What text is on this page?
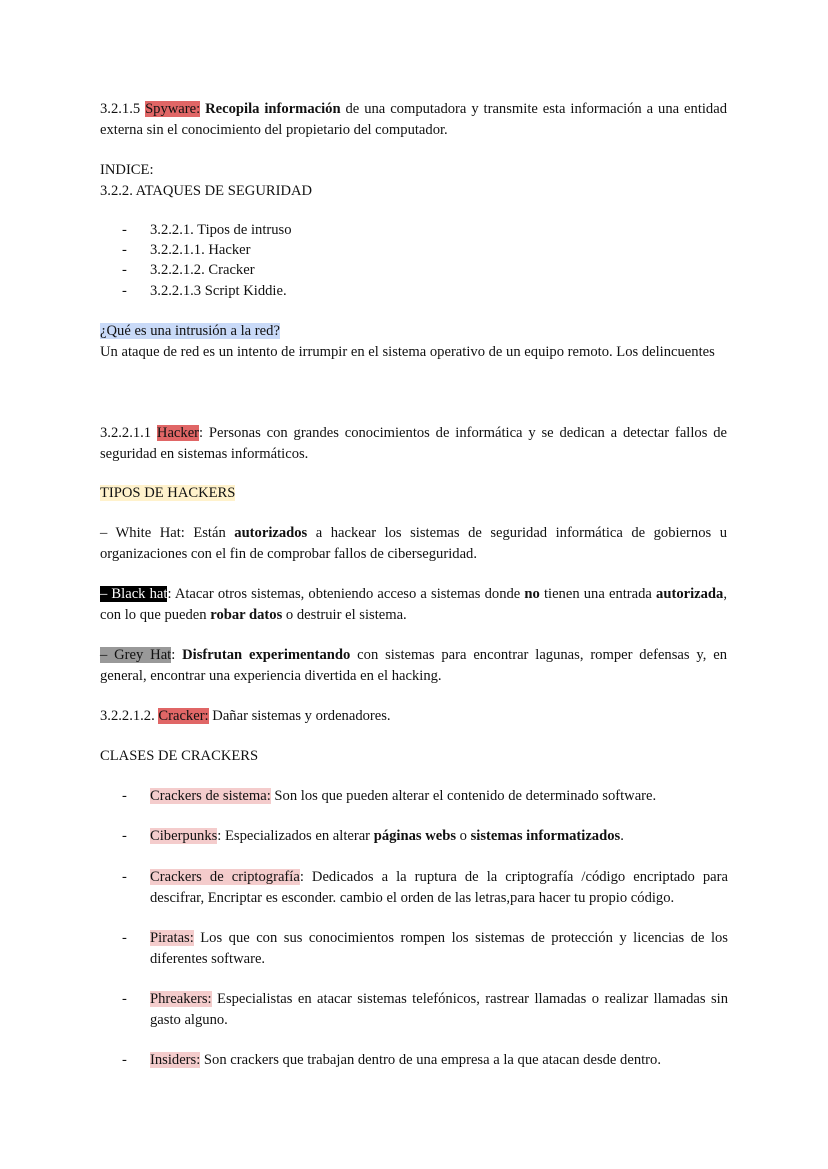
3.2.1.5 Spyware: Recopila información de una computadora y transmite esta información a una entidad externa sin el conocimiento del propietario del computador.

INDICE:

3.2.2. ATAQUES DE SEGURIDAD

- 3.2.2.1. Tipos de intruso
- 3.2.2.1.1. Hacker
- 3.2.2.1.2. Cracker
- 3.2.2.1.3 Script Kiddie.

¿Qué es una intrusión a la red?

Un ataque de red es un intento de irrumpir en el sistema operativo de un equipo remoto. Los delincuentes

3.2.2.1.1 Hacker: Personas con grandes conocimientos de informática y se dedican a detectar fallos de seguridad en sistemas informáticos.
TIPOS DE HACKERS
– White Hat: Están autorizados a hackear los sistemas de seguridad informática de gobiernos u organizaciones con el fin de comprobar fallos de ciberseguridad.
– Black hat: Atacar otros sistemas, obteniendo acceso a sistemas donde no tienen una entrada autorizada, con lo que pueden robar datos o destruir el sistema.
– Grey Hat: Disfrutan experimentando con sistemas para encontrar lagunas, romper defensas y, en general, encontrar una experiencia divertida en el hacking.
3.2.2.1.2. Cracker: Dañar sistemas y ordenadores.
CLASES DE CRACKERS
- Crackers de sistema: Son los que pueden alterar el contenido de determinado software.
- Ciberpunks: Especializados en alterar páginas webs o sistemas informatizados.
- Crackers de criptografía: Dedicados a la ruptura de la criptografía /código encriptado para descifrar, Encriptar es esconder. cambio el orden de las letras,para hacer tu propio código.
- Piratas: Los que con sus conocimientos rompen los sistemas de protección y licencias de los diferentes software.
- Phreakers: Especialistas en atacar sistemas telefónicos, rastrear llamadas o realizar llamadas sin gasto alguno.
- Insiders: Son crackers que trabajan dentro de una empresa a la que atacan desde dentro.
